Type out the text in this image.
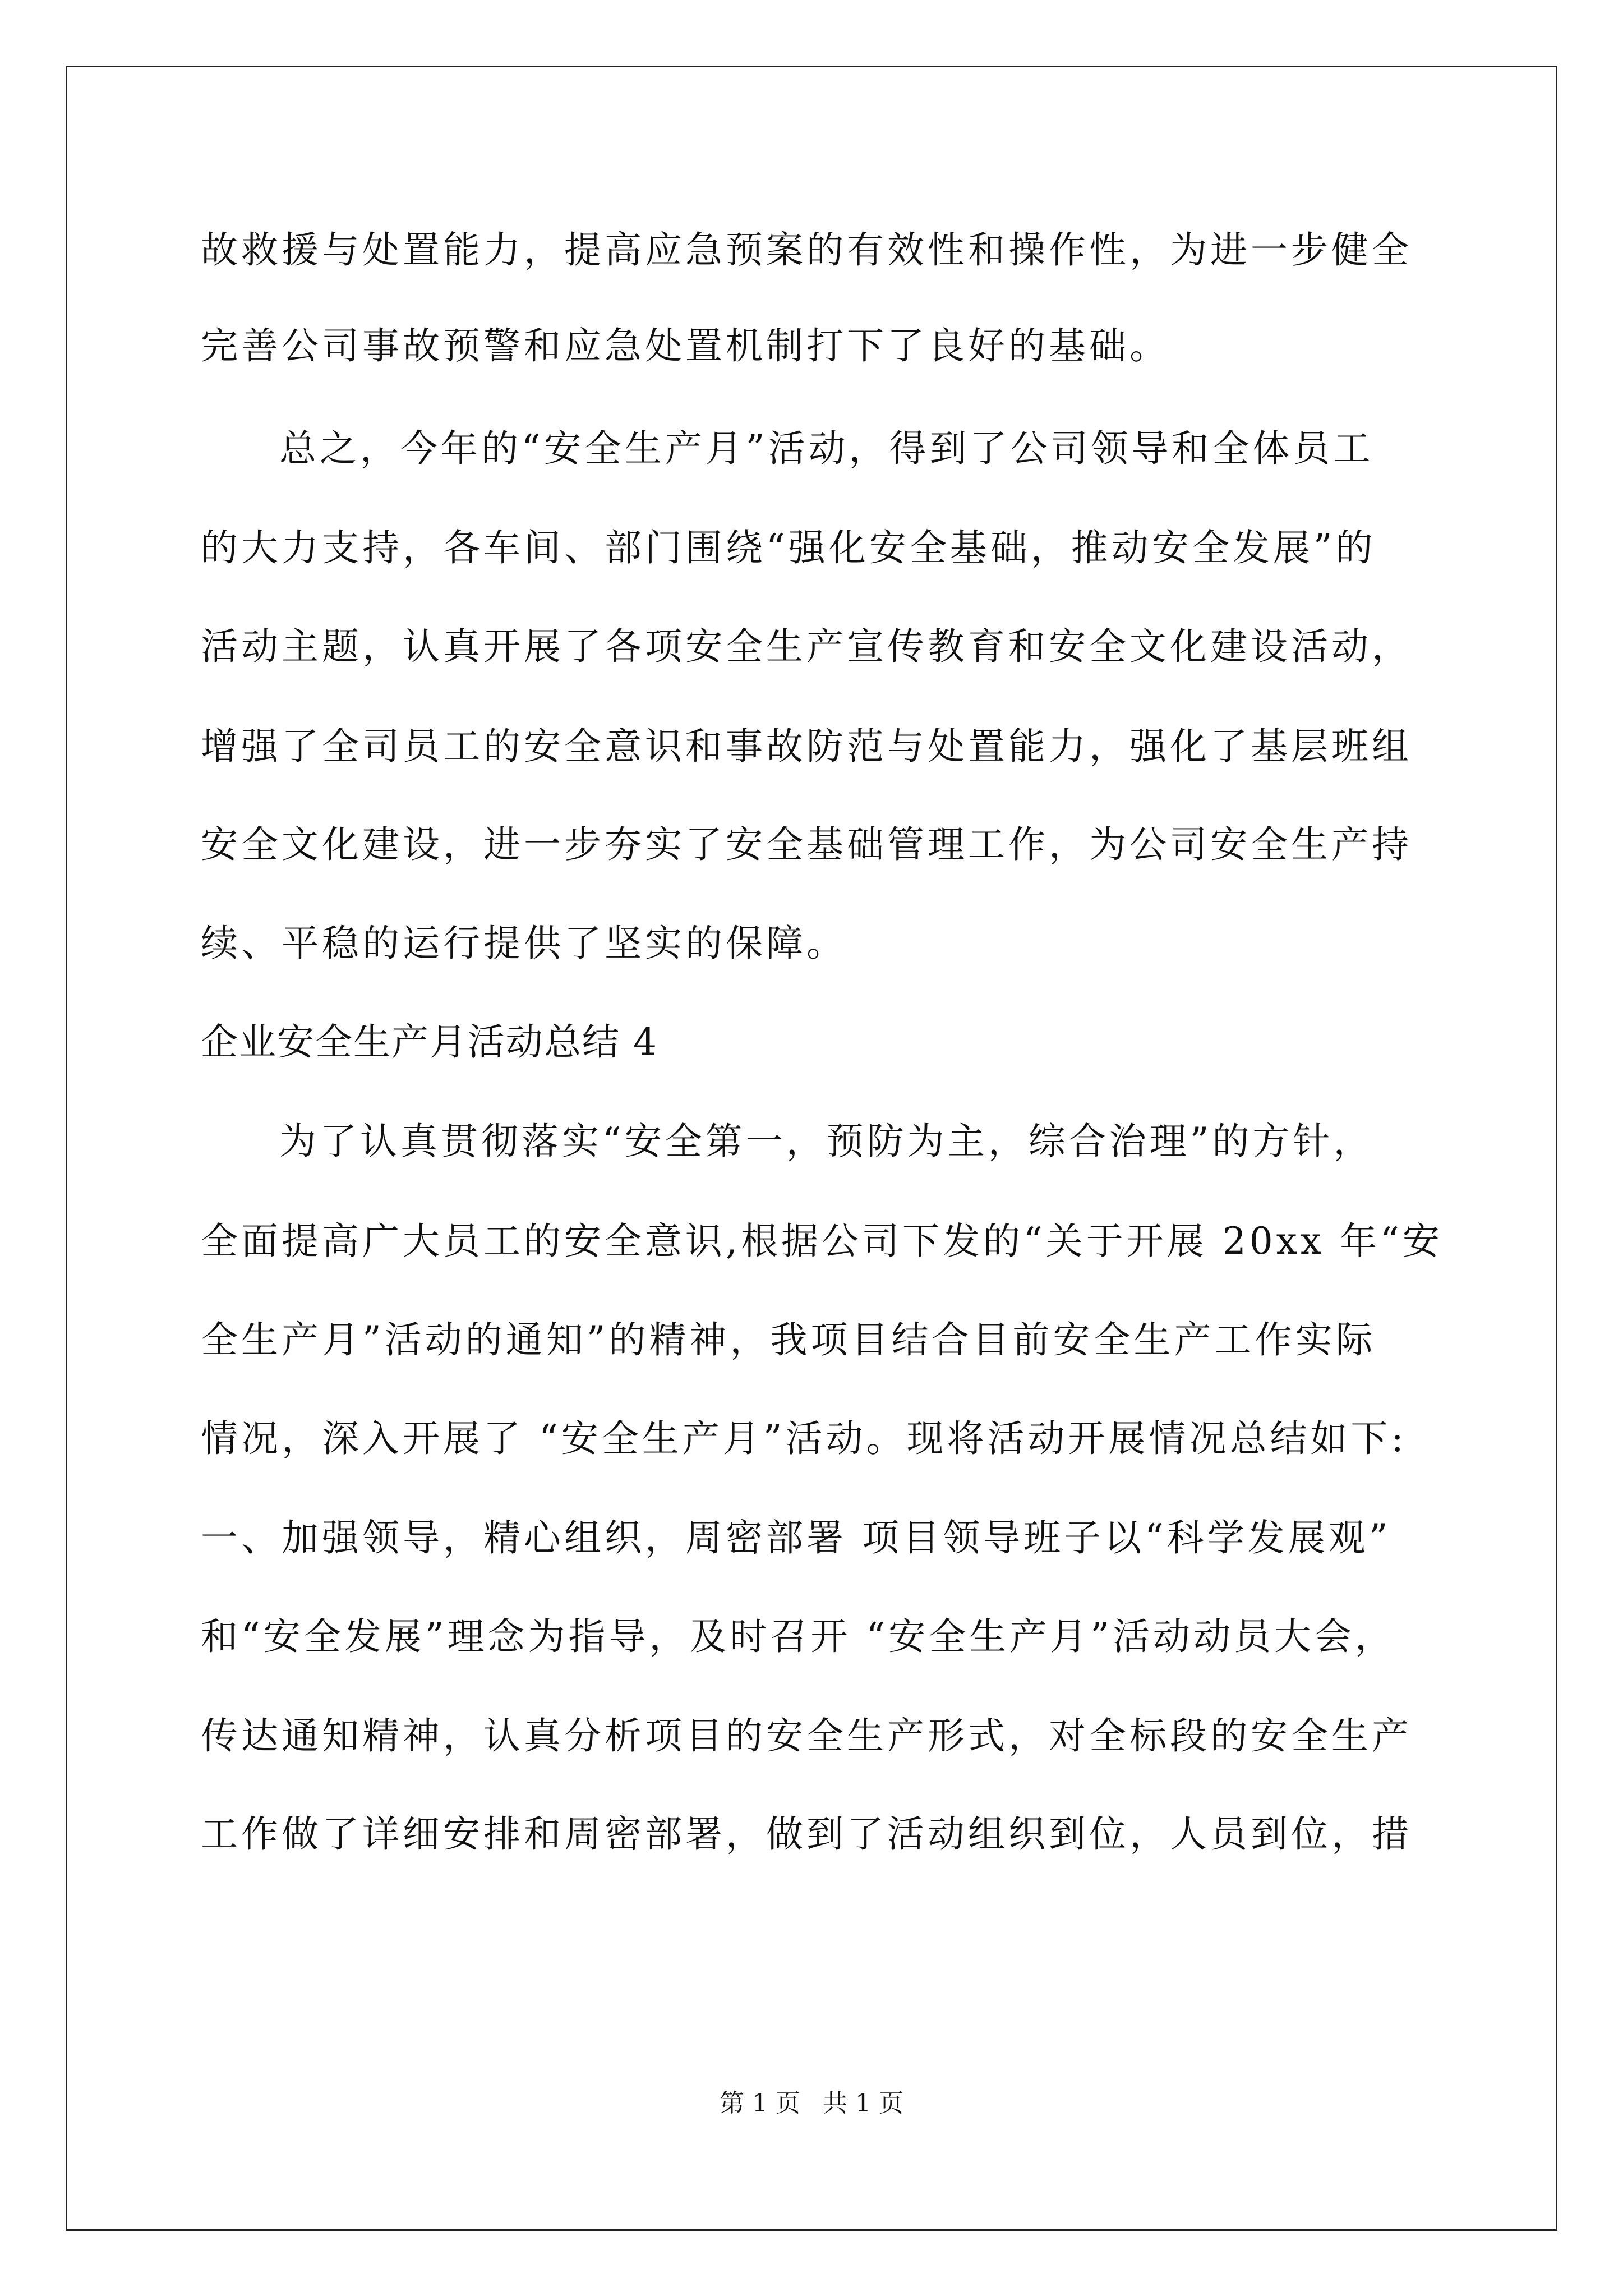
故救援与处置能力，提高应急预案的有效性和操作性，为进一步健全
完善公司事故预警和应急处置机制打下了良好的基础。
总之，今年的“安全生产月”活动，得到了公司领导和全体员工
的大力支持，各车间、部门围绕“强化安全基础，推动安全发展”的
活动主题，认真开展了各项安全生产宣传教育和安全文化建设活动，
增强了全司员工的安全意识和事故防范与处置能力，强化了基层班组
安全文化建设，进一步夯实了安全基础管理工作，为公司安全生产持
续、平稳的运行提供了坚实的保障。
企业安全生产月活动总结 4
为了认真贯彻落实“安全第一，预防为主，综合治理”的方针，
全面提高广大员工的安全意识,根据公司下发的“关于开展 20xx 年“安
全生产月”活动的通知”的精神，我项目结合目前安全生产工作实际
情况，深入开展了 “安全生产月”活动。现将活动开展情况总结如下:
一、加强领导，精心组织，周密部署 项目领导班子以“科学发展观”
和“安全发展”理念为指导，及时召开 “安全生产月”活动动员大会，
传达通知精神，认真分析项目的安全生产形式，对全标段的安全生产
工作做了详细安排和周密部署，做到了活动组织到位，人员到位，措
第 1 页 共 1 页
